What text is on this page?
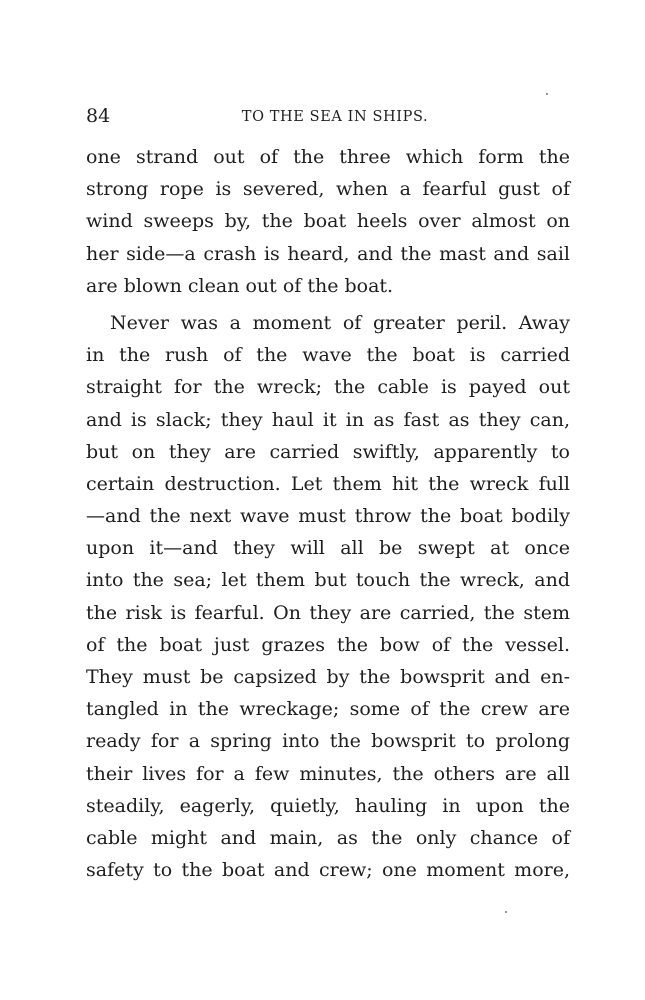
84	TO THE SEA IN SHIPS.
one strand out of the three which form the
strong rope is severed, when a fearful gust of
wind sweeps by, the boat heels over almost on
her side—a crash is heard, and the mast and sail
are blown clean out of the boat.
Never was a moment of greater peril. Away
in the rush of the wave the boat is carried
straight for the wreck; the cable is payed out
and is slack; they haul it in as fast as they can,
but on they are carried swiftly, apparently to
certain destruction. Let them hit the wreck full
—and the next wave must throw the boat bodily
upon it—and they will all be swept at once
into the sea; let them but touch the wreck, and
the risk is fearful. On they are carried, the stem
of the boat just grazes the bow of the vessel.
They must be capsized by the bowsprit and en-
tangled in the wreckage; some of the crew are
ready for a spring into the bowsprit to prolong
their lives for a few minutes, the others are all
steadily, eagerly, quietly, hauling in upon the
cable might and main, as the only chance of
safety to the boat and crew; one moment more,
